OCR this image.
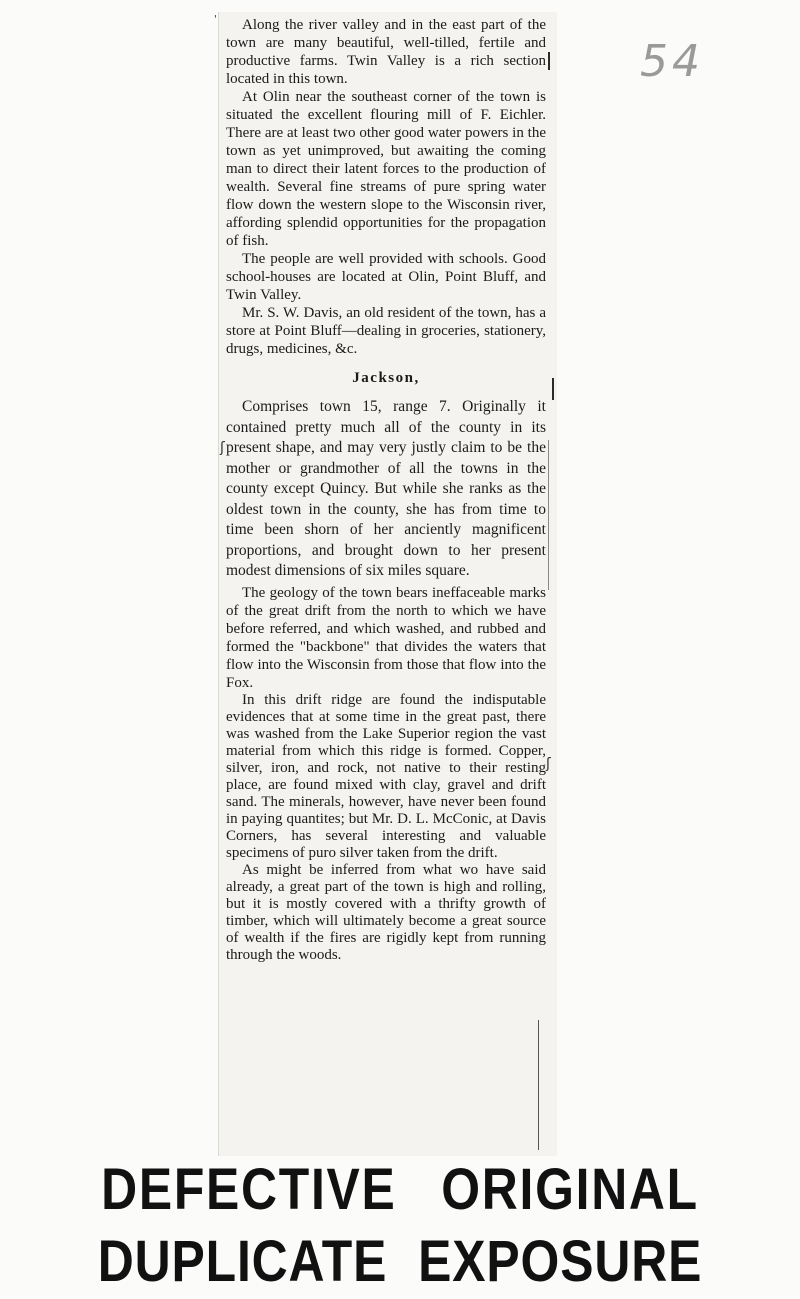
54

Along the river valley and in the east part of the town are many beautiful, well-tilled, fertile and productive farms. Twin Valley is a rich section located in this town.

At Olin near the southeast corner of the town is situated the excellent flouring mill of F. Eichler. There are at least two other good water powers in the town as yet unimproved, but awaiting the coming man to direct their latent forces to the production of wealth. Several fine streams of pure spring water flow down the western slope to the Wisconsin river, affording splendid opportunities for the propagation of fish.

The people are well provided with schools. Good school-houses are located at Olin, Point Bluff, and Twin Valley.

Mr. S. W. Davis, an old resident of the town, has a store at Point Bluff—dealing in groceries, stationery, drugs, medicines, &c.

Jackson,

Comprises town 15, range 7. Originally it contained pretty much all of the county in its present shape, and may very justly claim to be the mother or grandmother of all the towns in the county except Quincy. But while she ranks as the oldest town in the county, she has from time to time been shorn of her anciently magnificent proportions, and brought down to her present modest dimensions of six miles square.

The geology of the town bears ineffaceable marks of the great drift from the north to which we have before referred, and which washed, and rubbed and formed the "backbone" that divides the waters that flow into the Wisconsin from those that flow into the Fox.

In this drift ridge are found the indisputable evidences that at some time in the great past, there was washed from the Lake Superior region the vast material from which this ridge is formed. Copper, silver, iron, and rock, not native to their resting place, are found mixed with clay, gravel and drift sand. The minerals, however, have never been found in paying quantites; but Mr. D. L. McConic, at Davis Corners, has several interesting and valuable specimens of puro silver taken from the drift.

As might be inferred from what wo have said already, a great part of the town is high and rolling, but it is mostly covered with a thrifty growth of timber, which will ultimately become a great source of wealth if the fires are rigidly kept from running through the woods.

ʃ
ʃ
'
DEFECTIVE ORIGINAL
DUPLICATE EXPOSURE
